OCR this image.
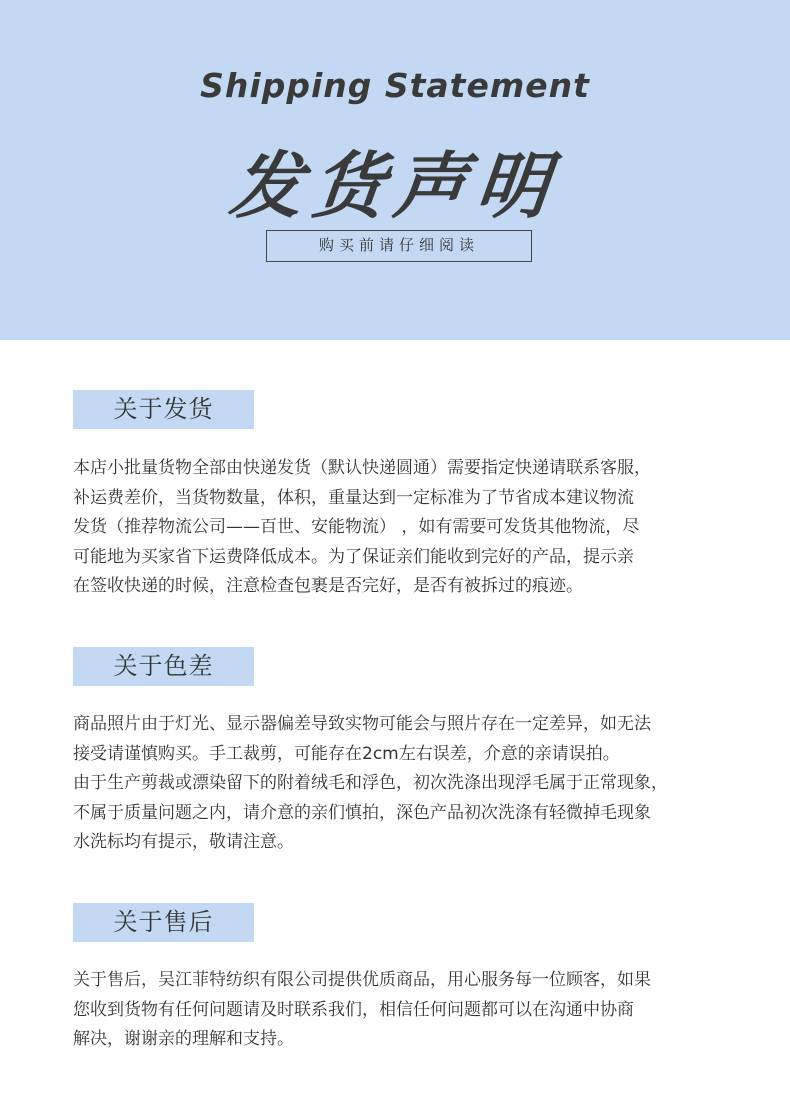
Shipping Statement
发货声明
购买前请仔细阅读
关于发货
本店小批量货物全部由快递发货（默认快递圆通）需要指定快递请联系客服，
补运费差价，当货物数量，体积，重量达到一定标准为了节省成本建议物流
发货（推荐物流公司——百世、安能物流） ，如有需要可发货其他物流，尽
可能地为买家省下运费降低成本。为了保证亲们能收到完好的产品，提示亲
在签收快递的时候，注意检查包裹是否完好，是否有被拆过的痕迹。
关于色差
商品照片由于灯光、显示器偏差导致实物可能会与照片存在一定差异，如无法
接受请谨慎购买。手工裁剪，可能存在2cm左右误差，介意的亲请误拍。
由于生产剪裁或漂染留下的附着绒毛和浮色，初次洗涤出现浮毛属于正常现象，
不属于质量问题之内，请介意的亲们慎拍，深色产品初次洗涤有轻微掉毛现象
水洗标均有提示，敬请注意。
关于售后
关于售后，吴江菲特纺织有限公司提供优质商品，用心服务每一位顾客，如果
您收到货物有任何问题请及时联系我们，相信任何问题都可以在沟通中协商
解决，谢谢亲的理解和支持。
